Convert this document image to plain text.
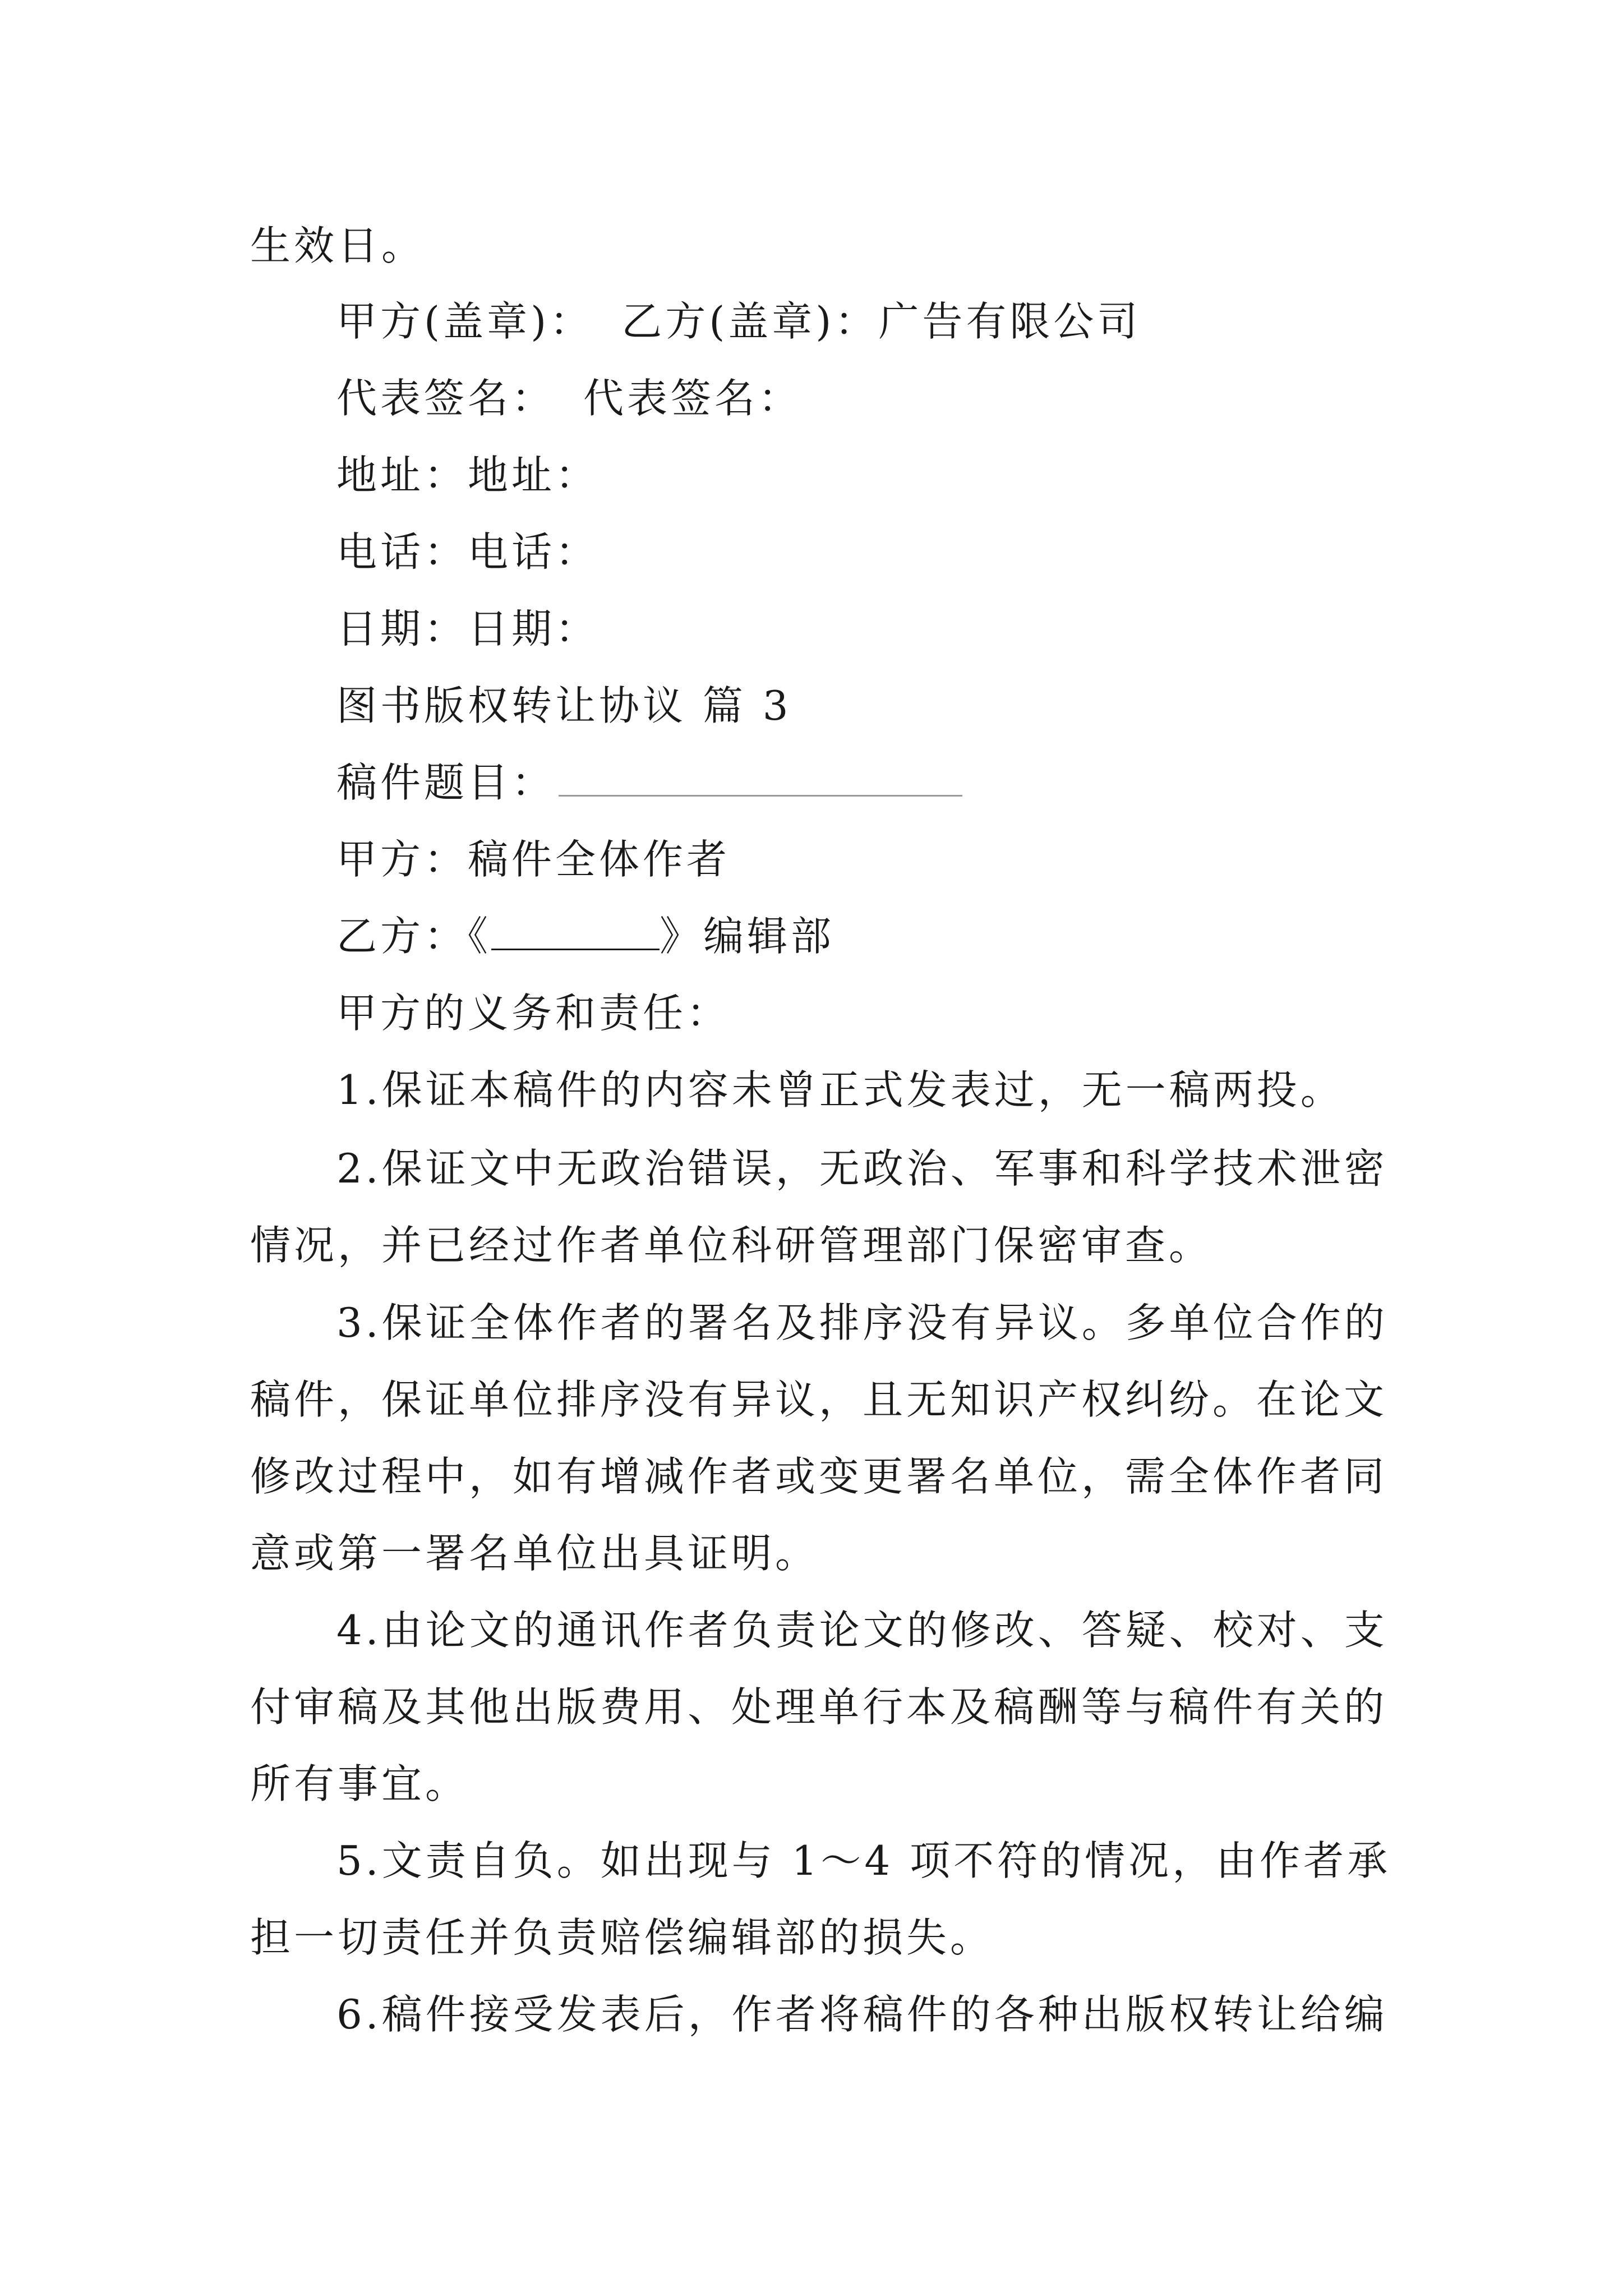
生效日。
甲方(盖章)： 乙方(盖章)：广告有限公司
代表签名： 代表签名：
地址：地址：
电话：电话：
日期：日期：
图书版权转让协议 篇 3
稿件题目：
甲方：稿件全体作者
乙方：《	》编辑部
甲方的义务和责任：
1.保证本稿件的内容未曾正式发表过，无一稿两投。
2.保证文中无政治错误，无政治、军事和科学技术泄密
情况，并已经过作者单位科研管理部门保密审查。
3.保证全体作者的署名及排序没有异议。多单位合作的
稿件，保证单位排序没有异议，且无知识产权纠纷。在论文
修改过程中，如有增减作者或变更署名单位，需全体作者同
意或第一署名单位出具证明。
4.由论文的通讯作者负责论文的修改、答疑、校对、支
付审稿及其他出版费用、处理单行本及稿酬等与稿件有关的
所有事宜。
5.文责自负。如出现与 1～4 项不符的情况，由作者承
担一切责任并负责赔偿编辑部的损失。
6.稿件接受发表后，作者将稿件的各种出版权转让给编
